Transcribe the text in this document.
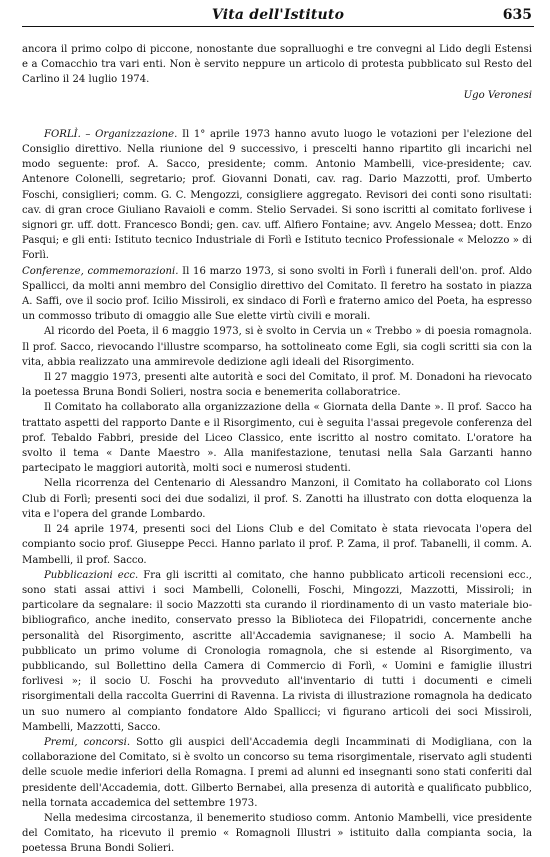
Vita dell'Istituto	635

ancora il primo colpo di piccone, nonostante due sopralluoghi e tre convegni al Lido degli Estensi e a Comacchio tra vari enti. Non è servito neppure un articolo di protesta pubblicato sul Resto del Carlino il 24 luglio 1974.

Ugo Veronesi

FORLÌ. – Organizzazione. Il 1° aprile 1973 hanno avuto luogo le votazioni per l'elezione del Consiglio direttivo. Nella riunione del 9 successivo, i prescelti hanno ripartito gli incarichi nel modo seguente: prof. A. Sacco, presidente; comm. Antonio Mambelli, vice-presidente; cav. Antenore Colonelli, segretario; prof. Giovanni Donati, cav. rag. Dario Mazzotti, prof. Umberto Foschi, consiglieri; comm. G. C. Mengozzi, consigliere aggregato. Revisori dei conti sono risultati: cav. di gran croce Giuliano Ravaioli e comm. Stelio Servadei. Si sono iscritti al comitato forlivese i signori gr. uff. dott. Francesco Bondi; gen. cav. uff. Alfiero Fontaine; avv. Angelo Messea; dott. Enzo Pasqui; e gli enti: Istituto tecnico Industriale di Forlì e Istituto tecnico Professionale « Melozzo » di Forlì.

Conferenze, commemorazioni. Il 16 marzo 1973, si sono svolti in Forlì i funerali dell'on. prof. Aldo Spallicci, da molti anni membro del Consiglio direttivo del Comitato. Il feretro ha sostato in piazza A. Saffi, ove il socio prof. Icilio Missiroli, ex sindaco di Forlì e fraterno amico del Poeta, ha espresso un commosso tributo di omaggio alle Sue elette virtù civili e morali.

Al ricordo del Poeta, il 6 maggio 1973, si è svolto in Cervia un « Trebbo » di poesia romagnola. Il prof. Sacco, rievocando l'illustre scomparso, ha sottolineato come Egli, sia cogli scritti sia con la vita, abbia realizzato una ammirevole dedizione agli ideali del Risorgimento.

Il 27 maggio 1973, presenti alte autorità e soci del Comitato, il prof. M. Donadoni ha rievocato la poetessa Bruna Bondi Solieri, nostra socia e benemerita collaboratrice.

Il Comitato ha collaborato alla organizzazione della « Giornata della Dante ». Il prof. Sacco ha trattato aspetti del rapporto Dante e il Risorgimento, cui è seguita l'assai pregevole conferenza del prof. Tebaldo Fabbri, preside del Liceo Classico, ente iscritto al nostro comitato. L'oratore ha svolto il tema « Dante Maestro ». Alla manifestazione, tenutasi nella Sala Garzanti hanno partecipato le maggiori autorità, molti soci e numerosi studenti.

Nella ricorrenza del Centenario di Alessandro Manzoni, il Comitato ha collaborato col Lions Club di Forlì; presenti soci dei due sodalizi, il prof. S. Zanotti ha illustrato con dotta eloquenza la vita e l'opera del grande Lombardo.

Il 24 aprile 1974, presenti soci del Lions Club e del Comitato è stata rievocata l'opera del compianto socio prof. Giuseppe Pecci. Hanno parlato il prof. P. Zama, il prof. Tabanelli, il comm. A. Mambelli, il prof. Sacco.

Pubblicazioni ecc. Fra gli iscritti al comitato, che hanno pubblicato articoli recensioni ecc., sono stati assai attivi i soci Mambelli, Colonelli, Foschi, Mingozzi, Mazzotti, Missiroli; in particolare da segnalare: il socio Mazzotti sta curando il riordinamento di un vasto materiale bio-bibliografico, anche inedito, conservato presso la Biblioteca dei Filopatridi, concernente anche personalità del Risorgimento, ascritte all'Accademia savignanese; il socio A. Mambelli ha pubblicato un primo volume di Cronologia romagnola, che si estende al Risorgimento, va pubblicando, sul Bollettino della Camera di Commercio di Forlì, « Uomini e famiglie illustri forlivesi »; il socio U. Foschi ha provveduto all'inventario di tutti i documenti e cimeli risorgimentali della raccolta Guerrini di Ravenna. La rivista di illustrazione romagnola ha dedicato un suo numero al compianto fondatore Aldo Spallicci; vi figurano articoli dei soci Missiroli, Mambelli, Mazzotti, Sacco.

Premi, concorsi. Sotto gli auspici dell'Accademia degli Incamminati di Modigliana, con la collaborazione del Comitato, si è svolto un concorso su tema risorgimentale, riservato agli studenti delle scuole medie inferiori della Romagna. I premi ad alunni ed insegnanti sono stati conferiti dal presidente dell'Accademia, dott. Gilberto Bernabei, alla presenza di autorità e qualificato pubblico, nella tornata accademica del settembre 1973.

Nella medesima circostanza, il benemerito studioso comm. Antonio Mambelli, vice presidente del Comitato, ha ricevuto il premio « Romagnoli Illustri » istituito dalla compianta socia, la poetessa Bruna Bondi Solieri.
